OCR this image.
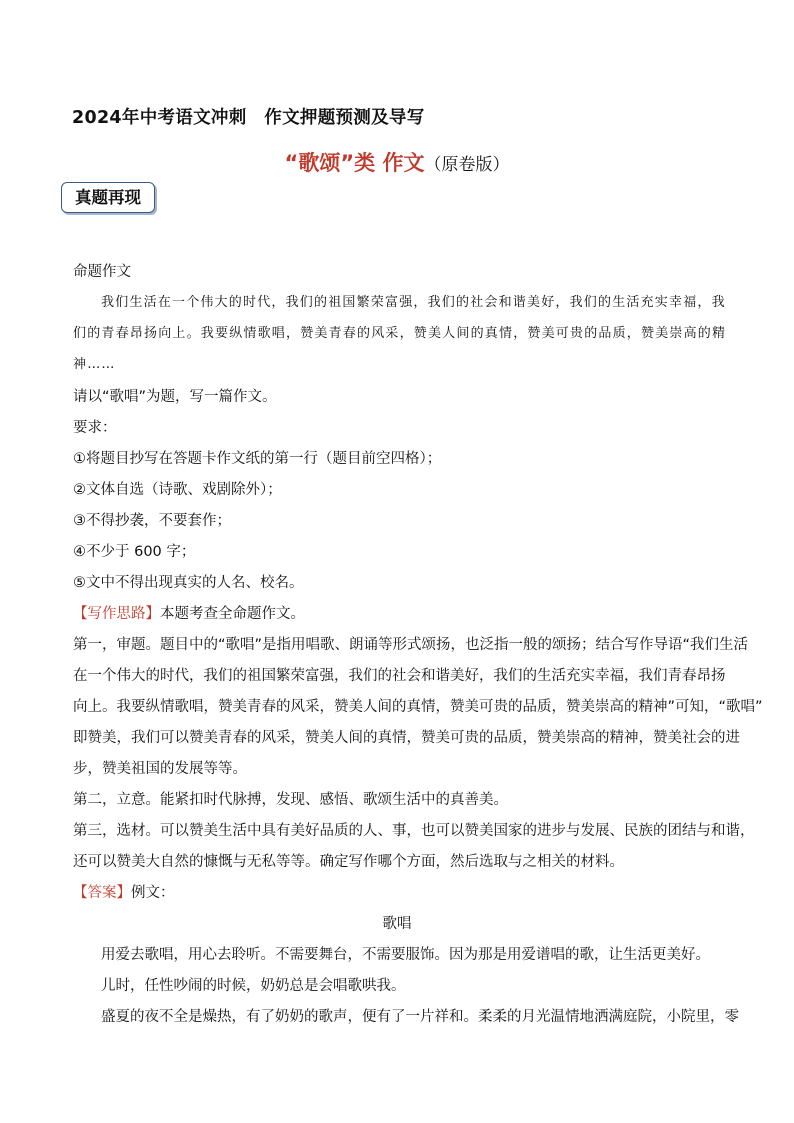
2024年中考语文冲刺　作文押题预测及导写
“歌颂”类 作文（原卷版）
真题再现
命题作文
我们生活在一个伟大的时代，我们的祖国繁荣富强，我们的社会和谐美好，我们的生活充实幸福，我
们的青春昂扬向上。我要纵情歌唱，赞美青春的风采，赞美人间的真情，赞美可贵的品质，赞美崇高的精
神……
请以“歌唱”为题，写一篇作文。
要求：
①将题目抄写在答题卡作文纸的第一行（题目前空四格）；
②文体自选（诗歌、戏剧除外）；
③不得抄袭，不要套作；
④不少于 600 字；
⑤文中不得出现真实的人名、校名。
【写作思路】本题考查全命题作文。
第一，审题。题目中的“歌唱”是指用唱歌、朗诵等形式颂扬，也泛指一般的颂扬；结合写作导语“我们生活
在一个伟大的时代，我们的祖国繁荣富强，我们的社会和谐美好，我们的生活充实幸福，我们青春昂扬
向上。我要纵情歌唱，赞美青春的风采，赞美人间的真情，赞美可贵的品质，赞美崇高的精神”可知，“歌唱”
即赞美，我们可以赞美青春的风采，赞美人间的真情，赞美可贵的品质，赞美崇高的精神，赞美社会的进
步，赞美祖国的发展等等。
第二，立意。能紧扣时代脉搏，发现、感悟、歌颂生活中的真善美。
第三，选材。可以赞美生活中具有美好品质的人、事，也可以赞美国家的进步与发展、民族的团结与和谐，
还可以赞美大自然的慷慨与无私等等。确定写作哪个方面，然后选取与之相关的材料。
【答案】例文：
歌唱
用爱去歌唱，用心去聆听。不需要舞台，不需要服饰。因为那是用爱谱唱的歌，让生活更美好。
儿时，任性吵闹的时候，奶奶总是会唱歌哄我。
盛夏的夜不全是燥热，有了奶奶的歌声，便有了一片祥和。柔柔的月光温情地洒满庭院，小院里，零
